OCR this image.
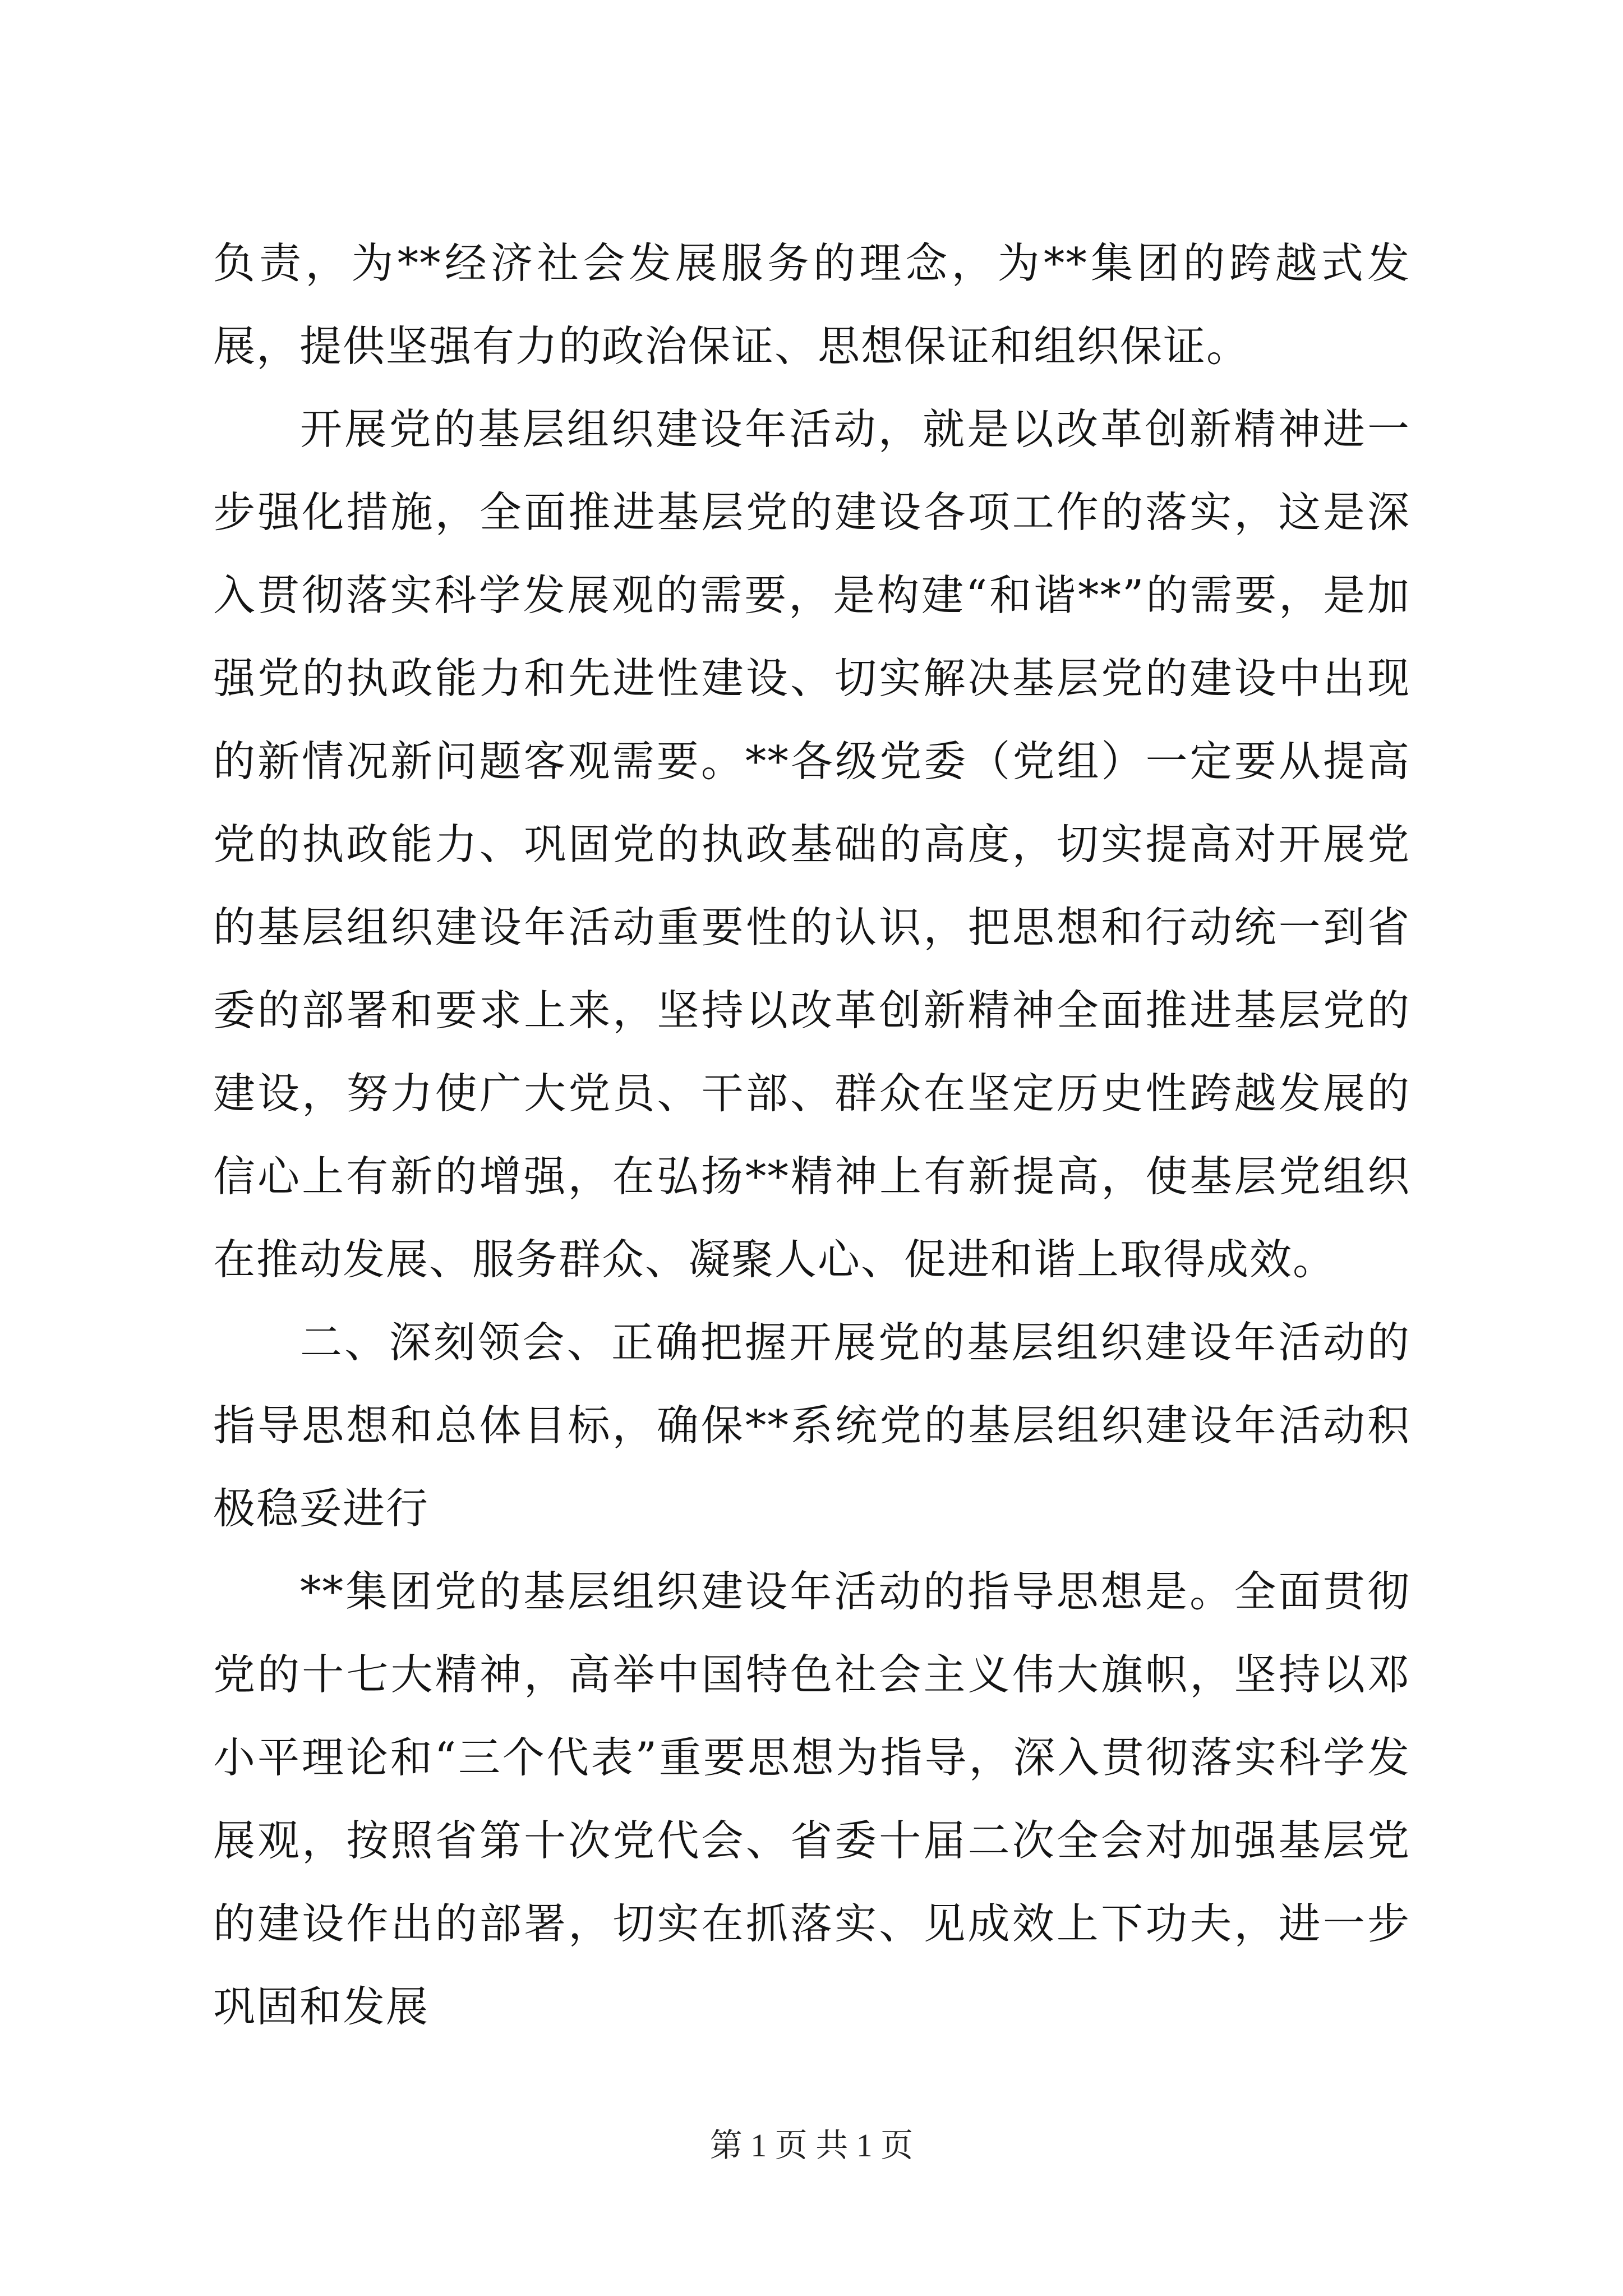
负责，为**经济社会发展服务的理念，为**集团的跨越式发展，提供坚强有力的政治保证、思想保证和组织保证。

开展党的基层组织建设年活动，就是以改革创新精神进一步强化措施，全面推进基层党的建设各项工作的落实，这是深入贯彻落实科学发展观的需要，是构建“和谐**”的需要，是加强党的执政能力和先进性建设、切实解决基层党的建设中出现的新情况新问题客观需要。**各级党委（党组）一定要从提高党的执政能力、巩固党的执政基础的高度，切实提高对开展党的基层组织建设年活动重要性的认识，把思想和行动统一到省委的部署和要求上来，坚持以改革创新精神全面推进基层党的建设，努力使广大党员、干部、群众在坚定历史性跨越发展的信心上有新的增强，在弘扬**精神上有新提高，使基层党组织在推动发展、服务群众、凝聚人心、促进和谐上取得成效。

二、深刻领会、正确把握开展党的基层组织建设年活动的指导思想和总体目标，确保**系统党的基层组织建设年活动积极稳妥进行

**集团党的基层组织建设年活动的指导思想是。全面贯彻党的十七大精神，高举中国特色社会主义伟大旗帜，坚持以邓小平理论和“三个代表”重要思想为指导，深入贯彻落实科学发展观，按照省第十次党代会、省委十届二次全会对加强基层党的建设作出的部署，切实在抓落实、见成效上下功夫，进一步巩固和发展

第 1 页 共 1 页
